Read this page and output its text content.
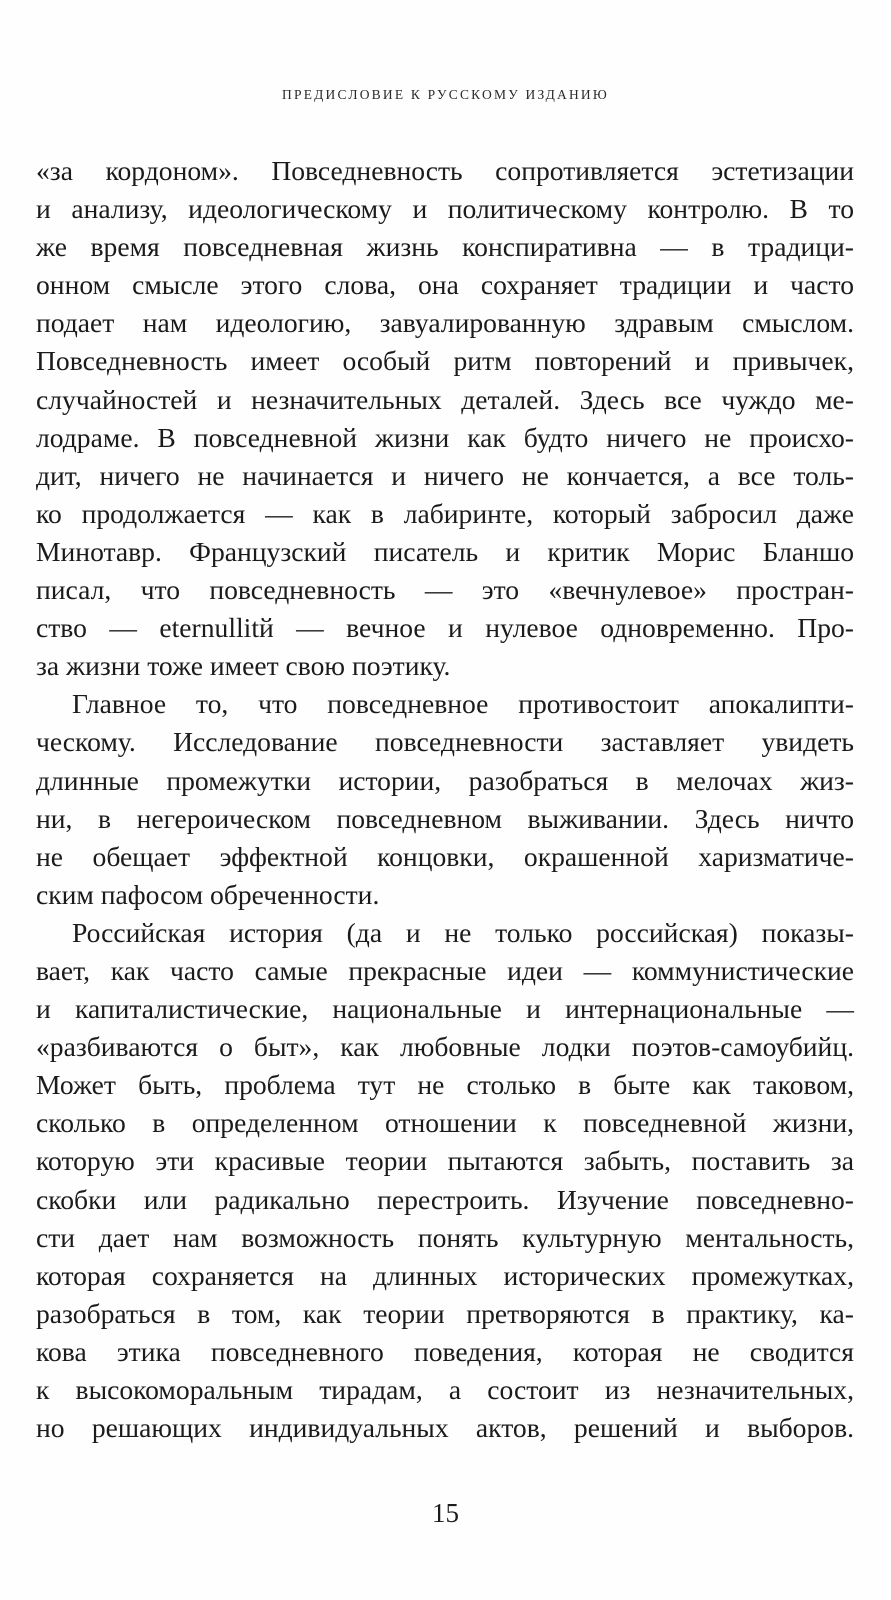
ПРЕДИСЛОВИЕ К РУССКОМУ ИЗДАНИЮ
«за кордоном». Повседневность сопротивляется эстетизации
и анализу, идеологическому и политическому контролю. В то
же время повседневная жизнь конспиративна — в традици-
онном смысле этого слова, она сохраняет традиции и часто
подает нам идеологию, завуалированную здравым смыслом.
Повседневность имеет особый ритм повторений и привычек,
случайностей и незначительных деталей. Здесь все чуждо ме-
лодраме. В повседневной жизни как будто ничего не происхо-
дит, ничего не начинается и ничего не кончается, а все толь-
ко продолжается — как в лабиринте, который забросил даже
Минотавр. Французский писатель и критик Морис Бланшо
писал, что повседневность — это «вечнулевое» простран-
ство — eternullitй — вечное и нулевое одновременно. Про-
за жизни тоже имеет свою поэтику.
Главное то, что повседневное противостоит апокалипти-
ческому. Исследование повседневности заставляет увидеть
длинные промежутки истории, разобраться в мелочах жиз-
ни, в негероическом повседневном выживании. Здесь ничто
не обещает эффектной концовки, окрашенной харизматиче-
ским пафосом обреченности.
Российская история (да и не только российская) показы-
вает, как часто самые прекрасные идеи — коммунистические
и капиталистические, национальные и интернациональные —
«разбиваются о быт», как любовные лодки поэтов-самоубийц.
Может быть, проблема тут не столько в быте как таковом,
сколько в определенном отношении к повседневной жизни,
которую эти красивые теории пытаются забыть, поставить за
скобки или радикально перестроить. Изучение повседневно-
сти дает нам возможность понять культурную ментальность,
которая сохраняется на длинных исторических промежутках,
разобраться в том, как теории претворяются в практику, ка-
кова этика повседневного поведения, которая не сводится
к высокоморальным тирадам, а состоит из незначительных,
но решающих индивидуальных актов, решений и выборов.
15
